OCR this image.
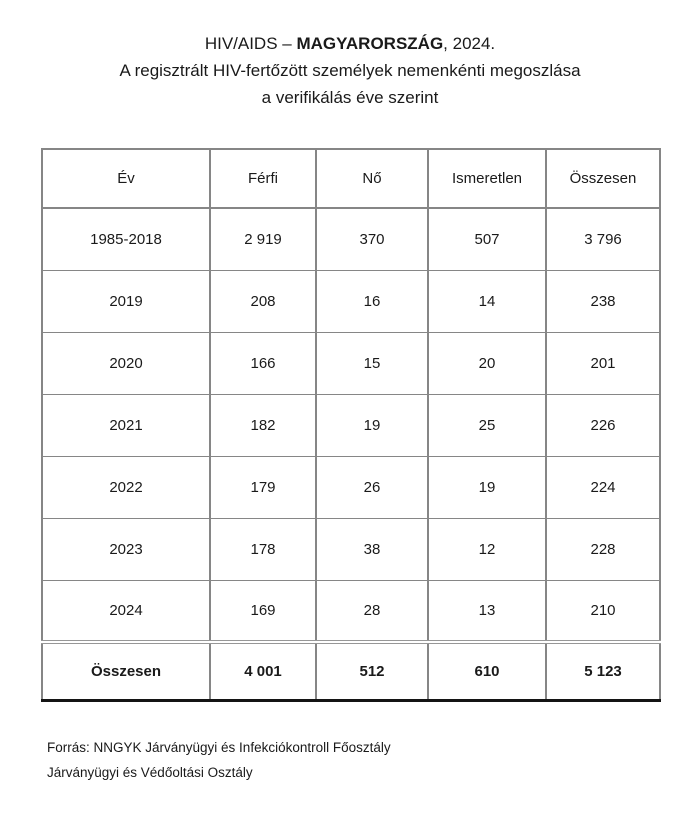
HIV/AIDS – MAGYARORSZÁG, 2024.
A regisztrált HIV-fertőzött személyek nemenkénti megoszlása
a verifikálás éve szerint
Év	Férfi	Nő	Ismeretlen	Összesen
1985-2018	2 919	370	507	3 796
2019	208	16	14	238
2020	166	15	20	201
2021	182	19	25	226
2022	179	26	19	224
2023	178	38	12	228
2024	169	28	13	210
Összesen	4 001	512	610	5 123
Forrás: NNGYK Járványügyi és Infekciókontroll Főosztály
Járványügyi és Védőoltási Osztály
